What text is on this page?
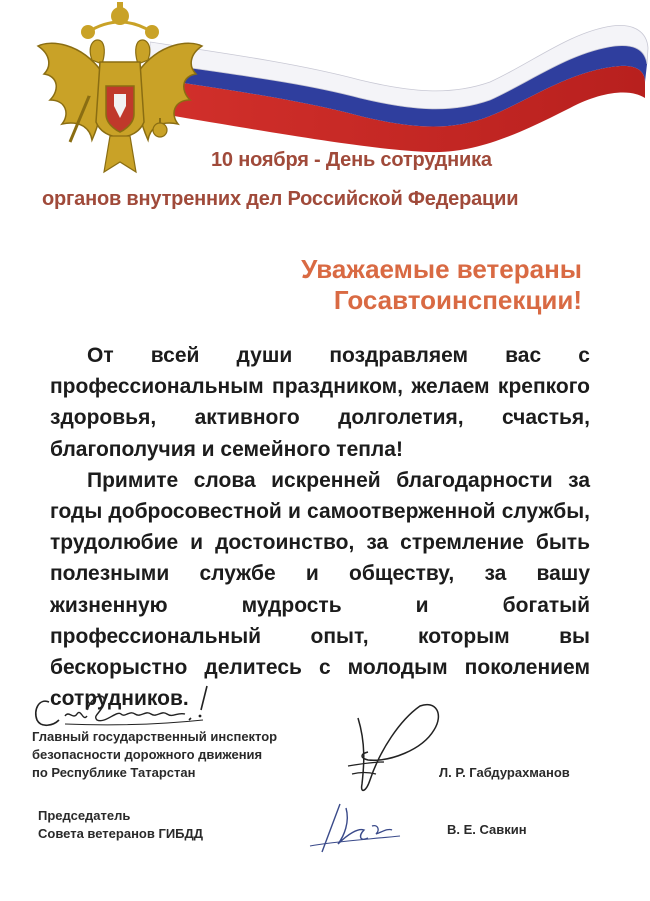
10 ноября - День сотрудника
органов внутренних дел Российской Федерации
Уважаемые ветераны
Госавтоинспекции!

От всей души поздравляем вас с профессиональным праздником, желаем крепкого здоровья, активного долголетия, счастья, благополучия и семейного тепла!

Примите слова искренней благодарности за годы добросовестной и самоотверженной службы, трудолюбие и достоинство, за стремление быть полезными службе и обществу, за вашу жизненную мудрость и богатый профессиональный опыт, которым вы бескорыстно делитесь с молодым поколением сотрудников.

Главный государственный инспектор
безопасности дорожного движения
по Республике Татарстан	Л. Р. Габдурахманов
Председатель
Совета ветеранов ГИБДД	В. Е. Савкин
